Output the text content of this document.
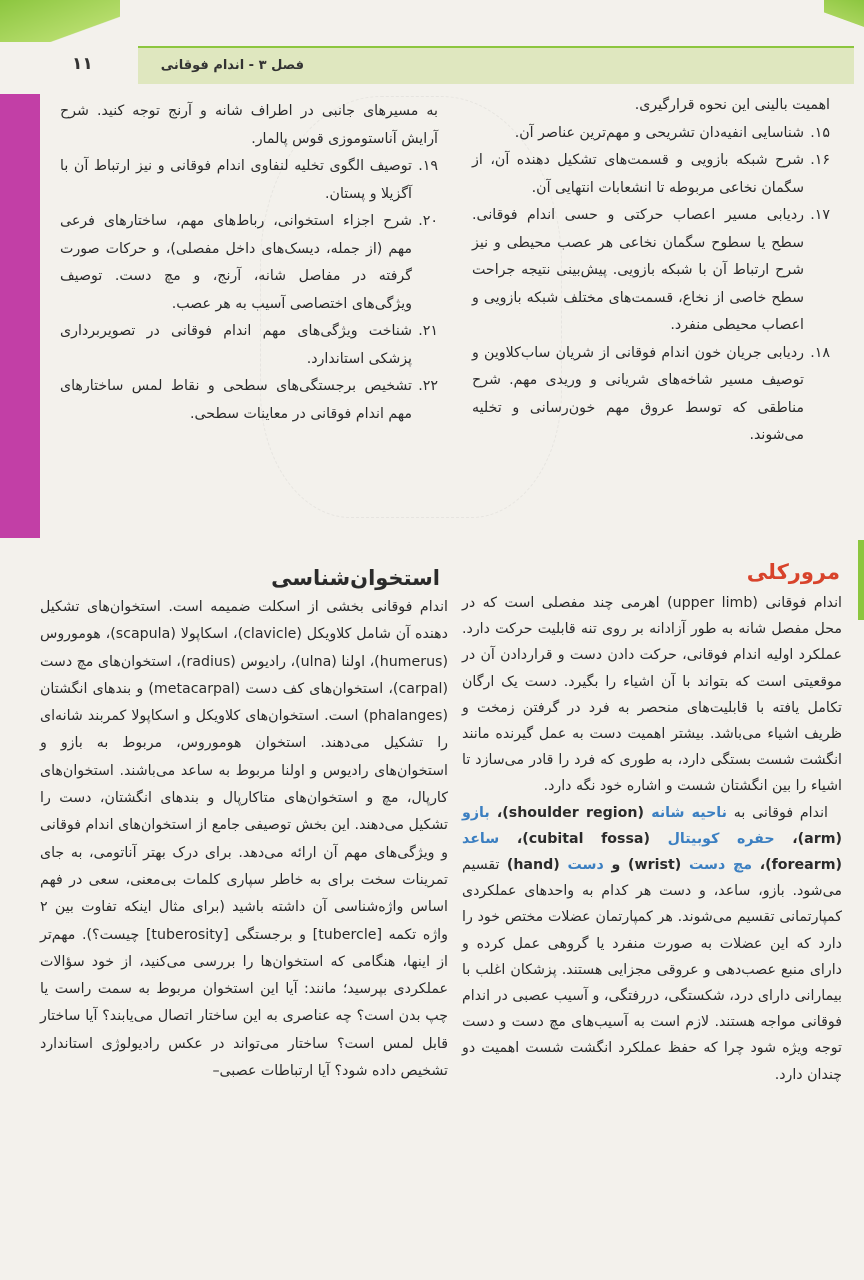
فصل ۳ - اندام فوقانی
۱۱

اهمیت بالینی این نحوه قرارگیری.

۱۵.
شناسایی انفیه‌دان تشریحی و مهم‌ترین عناصر آن.

۱۶.
شرح شبکه بازویی و قسمت‌های تشکیل دهنده آن، از سگمان نخاعی مربوطه تا انشعابات انتهایی آن.

۱۷.
ردیابی مسیر اعصاب حرکتی و حسی اندام فوقانی. سطح یا سطوح سگمان نخاعی هر عصب محیطی و نیز شرح ارتباط آن با شبکه بازویی. پیش‌بینی نتیجه جراحت سطح خاصی از نخاع، قسمت‌های مختلف شبکه بازویی و اعصاب محیطی منفرد.

۱۸.
ردیابی جریان خون اندام فوقانی از شریان ساب‌کلاوین و توصیف مسیر شاخه‌های شریانی و وریدی مهم. شرح مناطقی که توسط عروق مهم خون‌رسانی و تخلیه می‌شوند.

به مسیرهای جانبی در اطراف شانه و آرنج توجه کنید. شرح آرایش آناستوموزی قوس پالمار.

۱۹.
توصیف الگوی تخلیه لنفاوی اندام فوقانی و نیز ارتباط آن با آگزیلا و پستان.

۲۰.
شرح اجزاء استخوانی، رباط‌های مهم، ساختارهای فرعی مهم (از جمله، دیسک‌های داخل مفصلی)، و حرکات صورت گرفته در مفاصل شانه، آرنج، و مچ دست. توصیف ویژگی‌های اختصاصی آسیب به هر عصب.

۲۱.
شناخت ویژگی‌های مهم اندام فوقانی در تصویربرداری پزشکی استاندارد.

۲۲.
تشخیص برجستگی‌های سطحی و نقاط لمس ساختارهای مهم اندام فوقانی در معاینات سطحی.

مرورکلی
استخوان‌شناسی

اندام فوقانی (upper limb) اهرمی چند مفصلی است که در محل مفصل شانه به طور آزادانه بر روی تنه قابلیت حرکت دارد. عملکرد اولیه اندام فوقانی، حرکت دادن دست و قراردادن آن در موقعیتی است که بتواند با آن اشیاء را بگیرد. دست یک ارگان تکامل یافته با قابلیت‌های منحصر به فرد در گرفتن زمخت و ظریف اشیاء می‌باشد. بیشتر اهمیت دست به عمل گیرنده مانند انگشت شست بستگی دارد، به طوری که فرد را قادر می‌سازد تا اشیاء را بین انگشتان شست و اشاره خود نگه دارد.

اندام فوقانی به ناحیه شانه (shoulder region)، بازو (arm)، حفره کوبیتال (cubital fossa)، ساعد (forearm)، مچ دست (wrist) و دست (hand) تقسیم می‌شود. بازو، ساعد، و دست هر کدام به واحدهای عملکردی کمپارتمانی تقسیم می‌شوند. هر کمپارتمان عضلات مختص خود را دارد که این عضلات به صورت منفرد یا گروهی عمل کرده و دارای منبع عصب‌دهی و عروقی مجزایی هستند. پزشکان اغلب با بیمارانی دارای درد، شکستگی، دررفتگی، و آسیب عصبی در اندام فوقانی مواجه هستند. لازم است به آسیب‌های مچ دست و دست توجه ویژه شود چرا که حفظ عملکرد انگشت شست اهمیت دو چندان دارد.

اندام فوقانی بخشی از اسکلت ضمیمه است. استخوان‌های تشکیل دهنده آن شامل کلاویکل (clavicle)، اسکاپولا (scapula)، هوموروس (humerus)، اولنا (ulna)، رادیوس (radius)، استخوان‌های مچ دست (carpal)، استخوان‌های کف دست (metacarpal) و بندهای انگشتان (phalanges) است. استخوان‌های کلاویکل و اسکاپولا کمربند شانه‌ای را تشکیل می‌دهند. استخوان هوموروس، مربوط به بازو و استخوان‌های رادیوس و اولنا مربوط به ساعد می‌باشند. استخوان‌های کارپال، مچ و استخوان‌های متاکارپال و بندهای انگشتان، دست را تشکیل می‌دهند. این بخش توصیفی جامع از استخوان‌های اندام فوقانی و ویژگی‌های مهم آن ارائه می‌دهد. برای درک بهتر آناتومی، به جای تمرینات سخت برای به خاطر سپاری کلمات بی‌معنی، سعی در فهم اساس واژه‌شناسی آن داشته باشید (برای مثال اینکه تفاوت بین ۲ واژه تکمه [tubercle] و برجستگی [tuberosity] چیست؟). مهم‌تر از اینها، هنگامی که استخوان‌ها را بررسی می‌کنید، از خود سؤالات عملکردی بپرسید؛ مانند: آیا این استخوان مربوط به سمت راست یا چپ بدن است؟ چه عناصری به این ساختار اتصال می‌یابند؟ آیا ساختار قابل لمس است؟ ساختار می‌تواند در عکس رادیولوژی استاندارد تشخیص داده شود؟ آیا ارتباطات عصبی–
